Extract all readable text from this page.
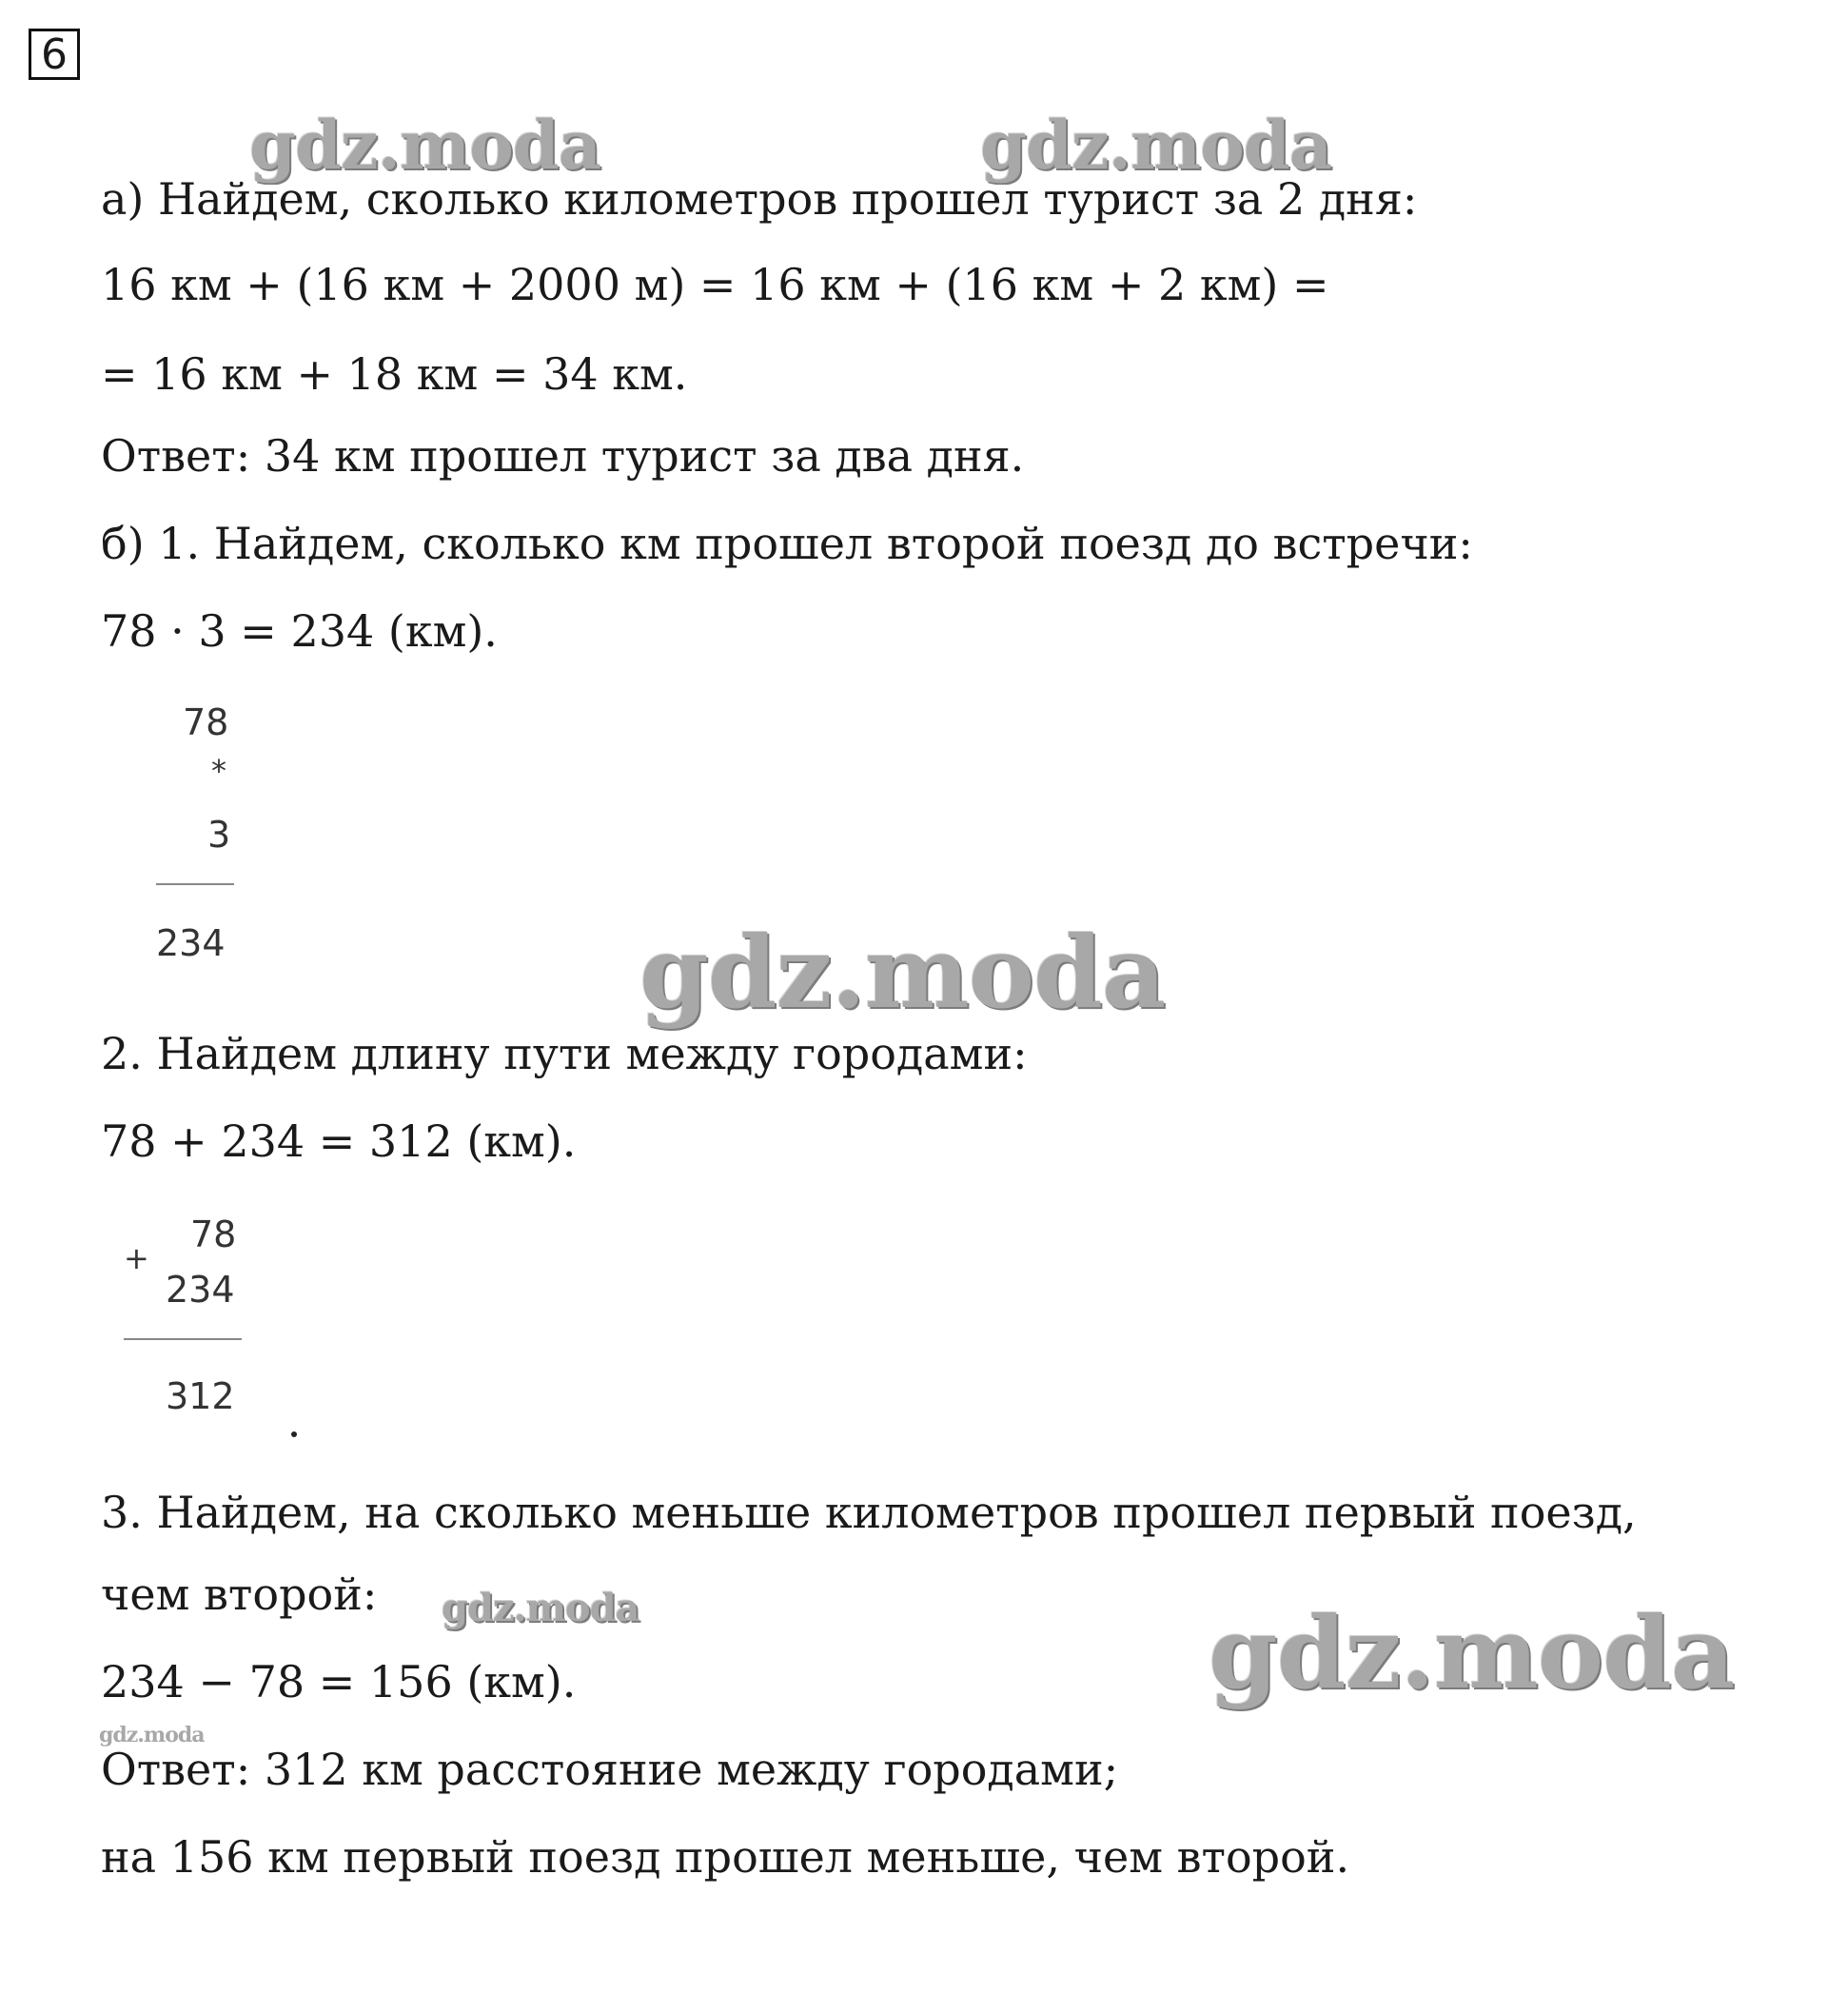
6
gdz.moda	gdz.moda
gdz.moda
gdz.moda	gdz.moda
gdz.moda
а) Найдем, сколько километров прошел турист за 2 дня:
16 км + (16 км + 2000 м) = 16 км + (16 км + 2 км) =
= 16 км + 18 км = 34 км.
Ответ: 34 км прошел турист за два дня.
б) 1. Найдем, сколько км прошел второй поезд до встречи:
78 · 3 = 234 (км).
78
*
3
234
2. Найдем длину пути между городами:
78 + 234 = 312 (км).
+
78
234
312
3. Найдем, на сколько меньше километров прошел первый поезд,
чем второй:
234 − 78 = 156 (км).
Ответ: 312 км расстояние между городами;
на 156 км первый поезд прошел меньше, чем второй.
